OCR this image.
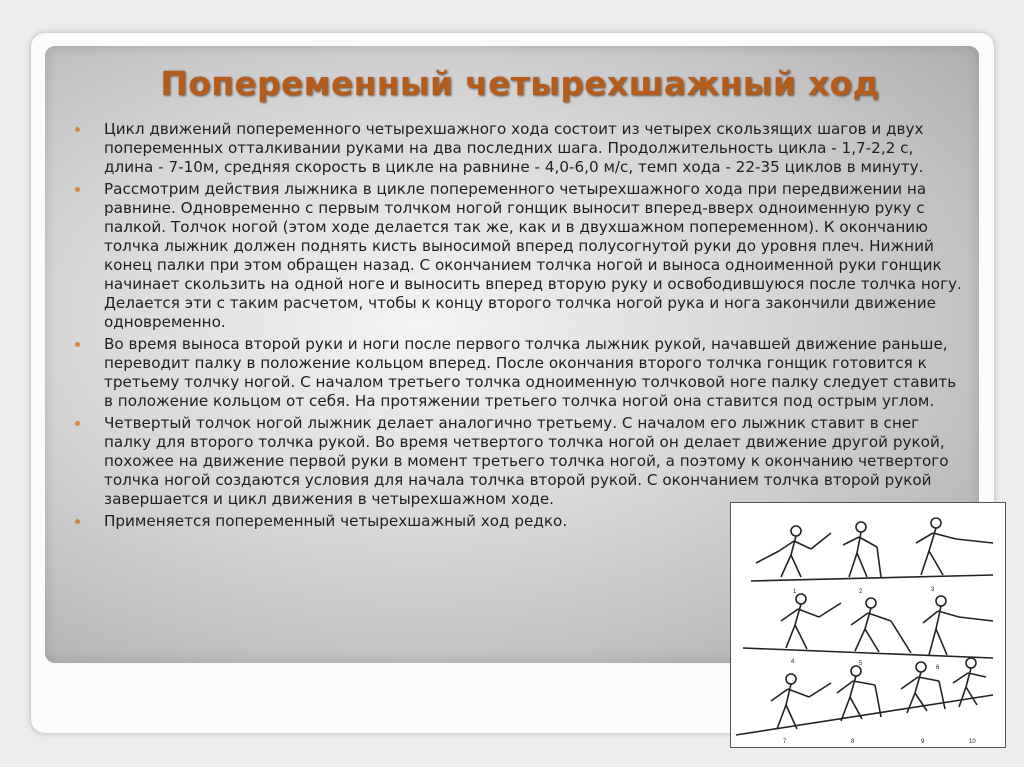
Попеременный четырехшажный ход
Цикл движений попеременного четырехшажного хода состоит из четырех скользящих шагов и двух попеременных отталкивании руками на два последних шага. Продолжительность цикла - 1,7-2,2 с, длина - 7-10м, средняя скорость в цикле на равнине - 4,0-6,0 м/с, темп хода - 22-35 циклов в минуту.
Рассмотрим действия лыжника в цикле попеременного четырехшажного хода при передвижении на равнине. Одновременно с первым толчком ногой гонщик выносит вперед-вверх одноименную руку с палкой. Толчок ногой (этом ходе делается так же, как и в двухшажном попеременном). К окончанию толчка лыжник должен поднять кисть выносимой вперед полусогнутой руки до уровня плеч. Нижний конец палки при этом обращен назад. С окончанием толчка ногой и выноса одноименной руки гонщик начинает скользить на одной ноге и выносить вперед вторую руку и освободившуюся после толчка ногу. Делается эти с таким расчетом, чтобы к концу второго толчка ногой рука и нога закончили движение одновременно.
Во время выноса второй руки и ноги после первого толчка лыжник рукой, начавшей движение раньше, переводит палку в положение кольцом вперед. После окончания второго толчка гонщик готовится к третьему толчку ногой. С началом третьего толчка одноименную толчковой ноге палку следует ставить в положение кольцом от себя. На протяжении третьего толчка ногой она ставится под острым углом.
Четвертый толчок ногой лыжник делает аналогично третьему. С началом его лыжник ставит в снег палку для второго толчка рукой. Во время четвертого толчка ногой он делает движение другой рукой, похожее на движение первой руки в момент третьего толчка ногой, а поэтому к окончанию четвертого толчка ногой создаются условия для начала толчка второй рукой. С окончанием толчка второй рукой завершается и цикл движения в четырехшажном ходе.
Применяется попеременный четырехшажный ход редко.
1	2	3
4	5
6
7	8	9	10
